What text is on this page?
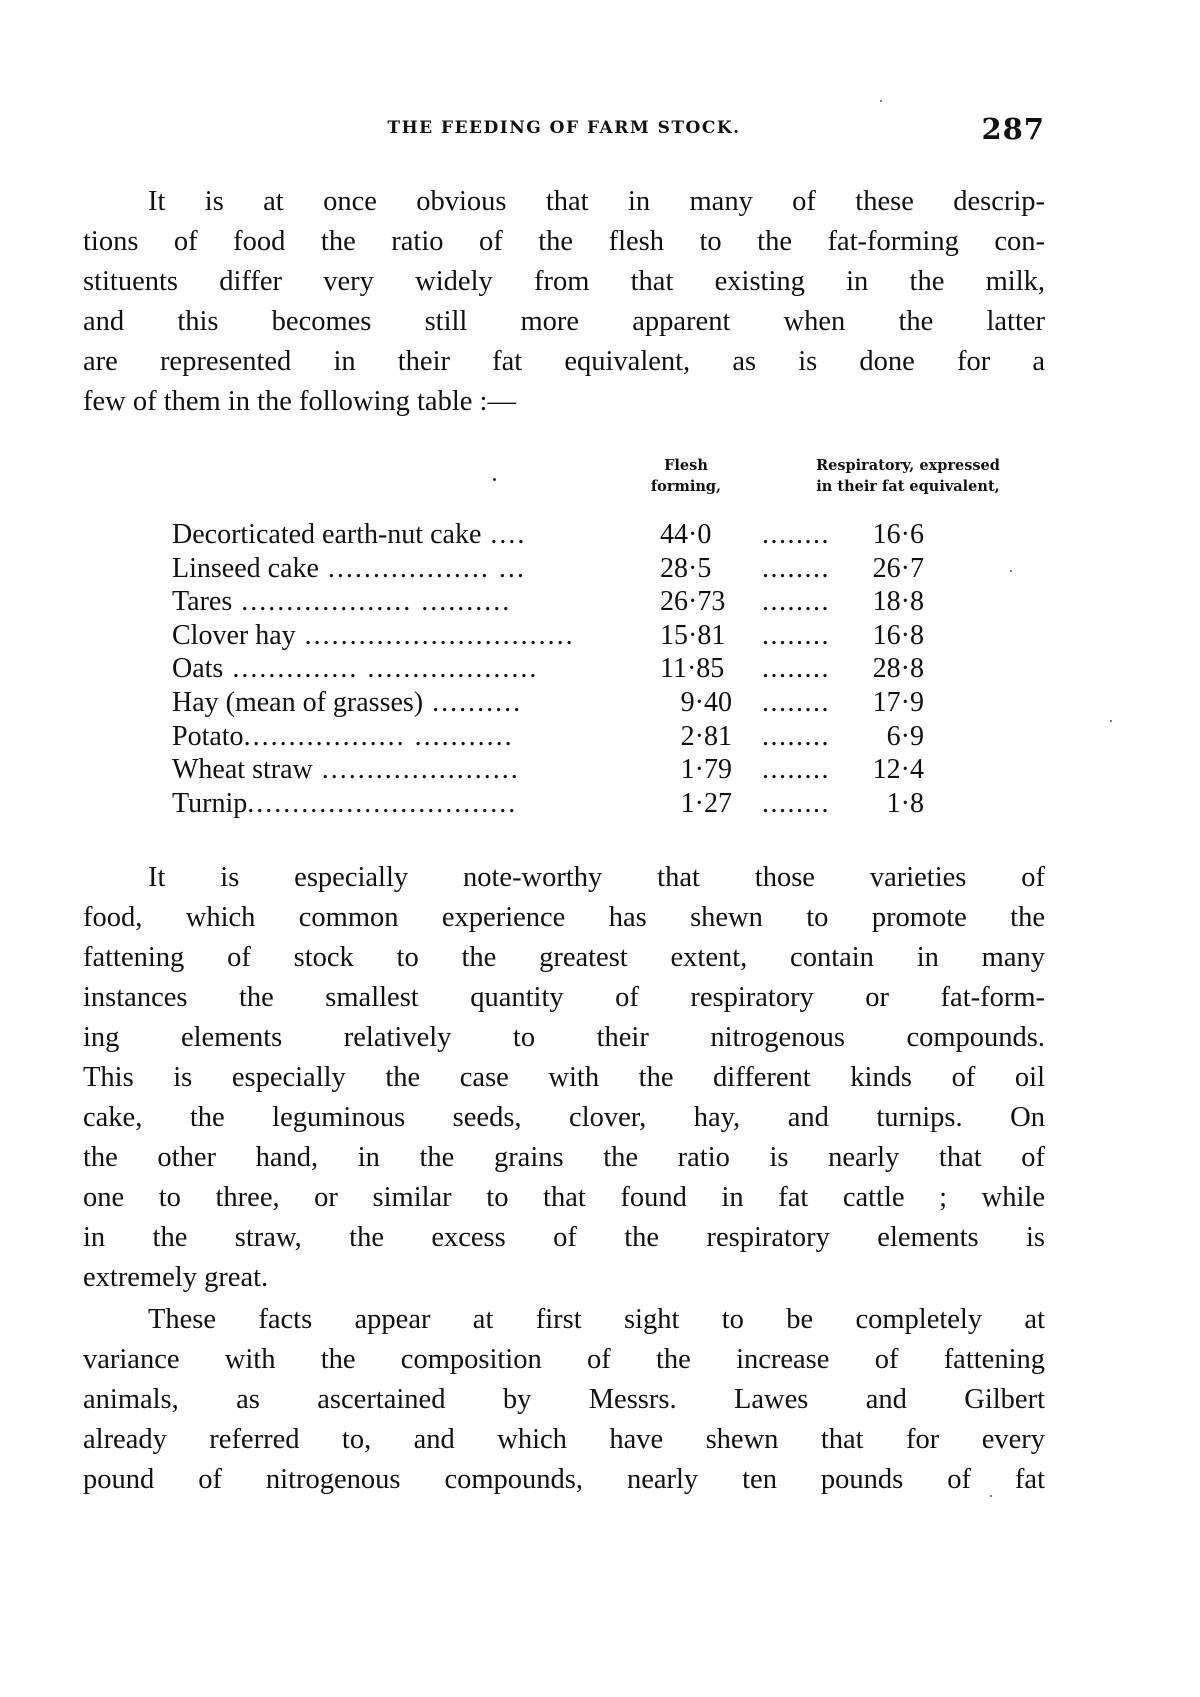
THE FEEDING OF FARM STOCK.	287

It is at once obvious that in many of these descrip-
tions of food the ratio of the flesh to the fat-forming con-
stituents differ very widely from that existing in the milk,
and this becomes still more apparent when the latter
are represented in their fat equivalent, as is done for a
few of them in the following table :—

Flesh
forming,
Respiratory, expressed
in their fat equivalent,
Decorticated earth-nut cake ....	44·0	........	16·6
Linseed cake .................. ...	28·5	........	26·7
Tares ................... ..........	26·73	........	18·8
Clover hay ..............................	15·81	........	16·8
Oats .............. ...................	11·85	........	28·8
Hay (mean of grasses) ..........	9·40 ........	17·9
Potato.................. ...........	2·81 ........	6·9
Wheat straw ......................	1·79 ........	12·4
Turnip..............................	1·27 ........	1·8

It is especially note-worthy that those varieties of
food, which common experience has shewn to promote the
fattening of stock to the greatest extent, contain in many
instances the smallest quantity of respiratory or fat-form-
ing elements relatively to their nitrogenous compounds.
This is especially the case with the different kinds of oil
cake, the leguminous seeds, clover, hay, and turnips. On
the other hand, in the grains the ratio is nearly that of
one to three, or similar to that found in fat cattle ; while
in the straw, the excess of the respiratory elements is
extremely great.

These facts appear at first sight to be completely at
variance with the composition of the increase of fattening
animals, as ascertained by Messrs. Lawes and Gilbert
already referred to, and which have shewn that for every
pound of nitrogenous compounds, nearly ten pounds of fat
